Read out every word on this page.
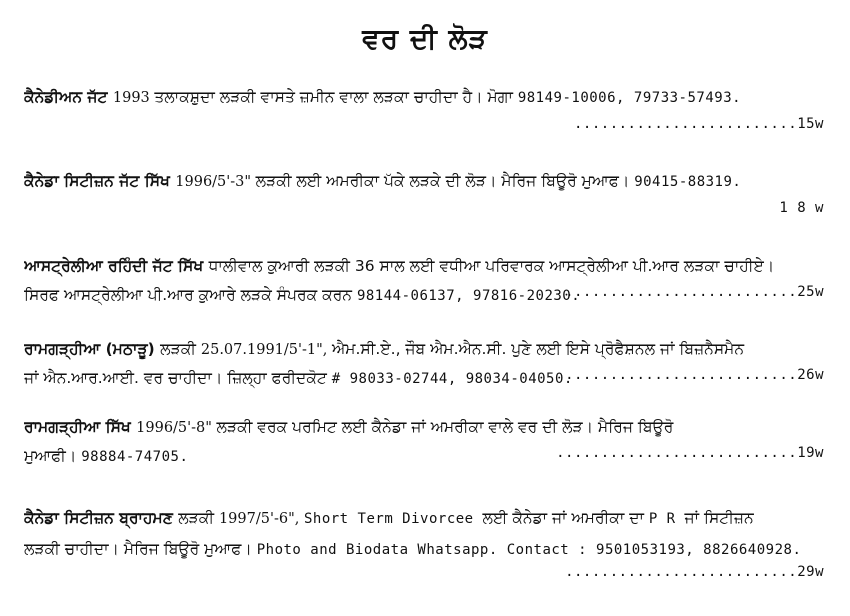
ਵਰ ਦੀ ਲੋੜ
ਕੈਨੇਡੀਅਨ ਜੱਟ 1993 ਤਲਾਕਸ਼ੁਦਾ ਲੜਕੀ ਵਾਸਤੇ ਜ਼ਮੀਨ ਵਾਲਾ ਲੜਕਾ ਚਾਹੀਦਾ ਹੈ। ਮੋਗਾ 98149-10006, 79733-57493.
.........................15w
ਕੈਨੇਡਾ ਸਿਟੀਜ਼ਨ ਜੱਟ ਸਿੱਖ 1996/5'-3" ਲੜਕੀ ਲਈ ਅਮਰੀਕਾ ਪੱਕੇ ਲੜਕੇ ਦੀ ਲੋੜ। ਮੈਰਿਜ ਬਿਊਰੋ ਮੁਆਫ। 90415-88319.
1 8 w
ਆਸਟ੍ਰੇਲੀਆ ਰਹਿੰਦੀ ਜੱਟ ਸਿੱਖ ਧਾਲੀਵਾਲ ਕੁਆਰੀ ਲੜਕੀ 36 ਸਾਲ ਲਈ ਵਧੀਆ ਪਰਿਵਾਰਕ ਆਸਟ੍ਰੇਲੀਆ ਪੀ.ਆਰ ਲੜਕਾ ਚਾਹੀਏ।
ਸਿਰਫ ਆਸਟ੍ਰੇਲੀਆ ਪੀ.ਆਰ ਕੁਆਰੇ ਲੜਕੇ ਸੰਪਰਕ ਕਰਨ 98144-06137, 97816-20230.
..........................25w
ਰਾਮਗੜ੍ਹੀਆ (ਮਠਾੜੂ) ਲੜਕੀ 25.07.1991/5'-1", ਐਮ.ਸੀ.ਏ., ਜੌਬ ਐਮ.ਐਨ.ਸੀ. ਪੁਣੇ ਲਈ ਇਸੇ ਪ੍ਰੋਫੈਸ਼ਨਲ ਜਾਂ ਬਿਜ਼ਨੈਸਮੈਨ
ਜਾਂ ਐਨ.ਆਰ.ਆਈ. ਵਰ ਚਾਹੀਦਾ। ਜ਼ਿਲ੍ਹਾ ਫਰੀਦਕੋਟ # 98033-02744, 98034-04050.
..........................26w
ਰਾਮਗੜ੍ਹੀਆ ਸਿੱਖ 1996/5'-8" ਲੜਕੀ ਵਰਕ ਪਰਮਿਟ ਲਈ ਕੈਨੇਡਾ ਜਾਂ ਅਮਰੀਕਾ ਵਾਲੇ ਵਰ ਦੀ ਲੋੜ। ਮੈਰਿਜ ਬਿਊਰੋ
ਮੁਆਫੀ। 98884-74705.	...........................19w
ਕੈਨੇਡਾ ਸਿਟੀਜ਼ਨ ਬ੍ਰਾਹਮਣ ਲੜਕੀ 1997/5'-6", Short Term Divorcee ਲਈ ਕੈਨੇਡਾ ਜਾਂ ਅਮਰੀਕਾ ਦਾ P R ਜਾਂ ਸਿਟੀਜ਼ਨ
ਲੜਕੀ ਚਾਹੀਦਾ। ਮੈਰਿਜ ਬਿਊਰੋ ਮੁਆਫ। Photo and Biodata Whatsapp. Contact : 9501053193, 8826640928.
..........................29w
